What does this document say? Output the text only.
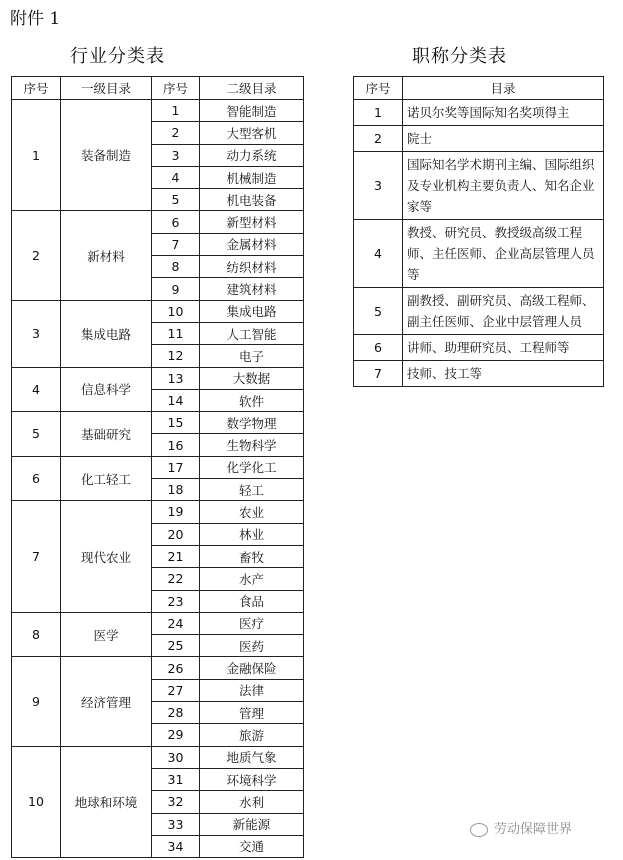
附件 1
行业分类表	职称分类表
序号	一级目录	序号	二级目录
1	装备制造	1	智能制造
		2	大型客机
		3	动力系统
		4	机械制造
		5	机电装备
2	新材料	6	新型材料
		7	金属材料
		8	纺织材料
		9	建筑材料
3	集成电路	10	集成电路
		11	人工智能
		12	电子
4	信息科学	13	大数据
		14	软件
5	基础研究	15	数学物理
		16	生物科学
6	化工轻工	17	化学化工
		18	轻工
7	现代农业	19	农业
		20	林业
		21	畜牧
		22	水产
		23	食品
8	医学	24	医疗
		25	医药
9	经济管理	26	金融保险
		27	法律
		28	管理
		29	旅游
10	地球和环境	30	地质气象
		31	环境科学
		32	水利
		33	新能源
		34	交通
序号	目录
1	诺贝尔奖等国际知名奖项得主
2	院士
3	国际知名学术期刊主编、国际组织及专业机构主要负责人、知名企业家等
4	教授、研究员、教授级高级工程师、主任医师、企业高层管理人员等
5	副教授、副研究员、高级工程师、副主任医师、企业中层管理人员
6	讲师、助理研究员、工程师等
7	技师、技工等
劳动保障世界
